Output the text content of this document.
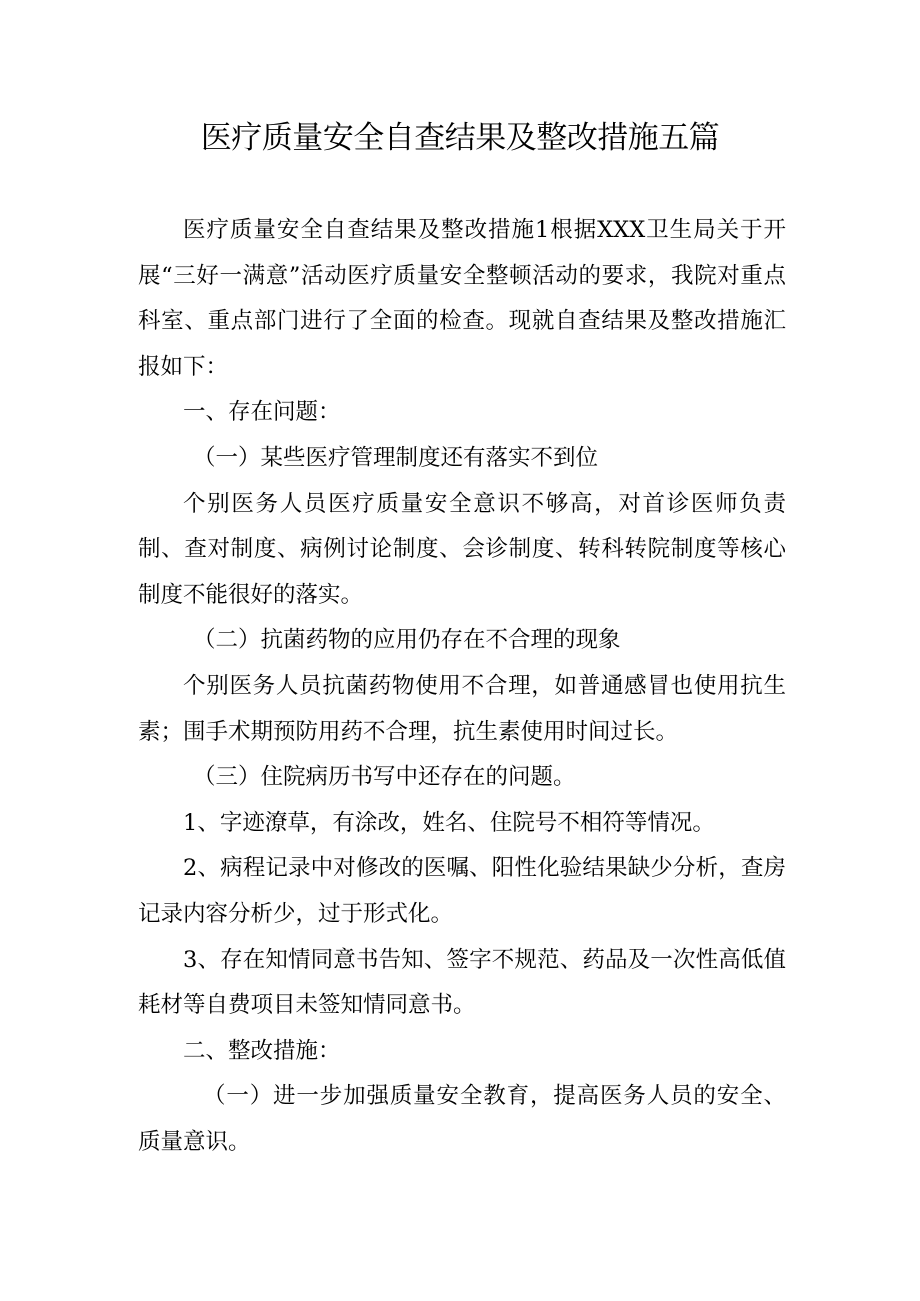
医疗质量安全自查结果及整改措施五篇

医疗质量安全自查结果及整改措施1根据XXX卫生局关于开展“三好一满意”活动医疗质量安全整顿活动的要求，我院对重点科室、重点部门进行了全面的检查。现就自查结果及整改措施汇报如下：

一、存在问题：

（一）某些医疗管理制度还有落实不到位

个别医务人员医疗质量安全意识不够高，对首诊医师负责制、查对制度、病例讨论制度、会诊制度、转科转院制度等核心制度不能很好的落实。

（二）抗菌药物的应用仍存在不合理的现象

个别医务人员抗菌药物使用不合理，如普通感冒也使用抗生素；围手术期预防用药不合理，抗生素使用时间过长。

（三）住院病历书写中还存在的问题。

1、字迹潦草，有涂改，姓名、住院号不相符等情况。

2、病程记录中对修改的医嘱、阳性化验结果缺少分析，查房记录内容分析少，过于形式化。

3、存在知情同意书告知、签字不规范、药品及一次性高低值耗材等自费项目未签知情同意书。

二、整改措施：

（一）进一步加强质量安全教育，提高医务人员的安全、质量意识。
